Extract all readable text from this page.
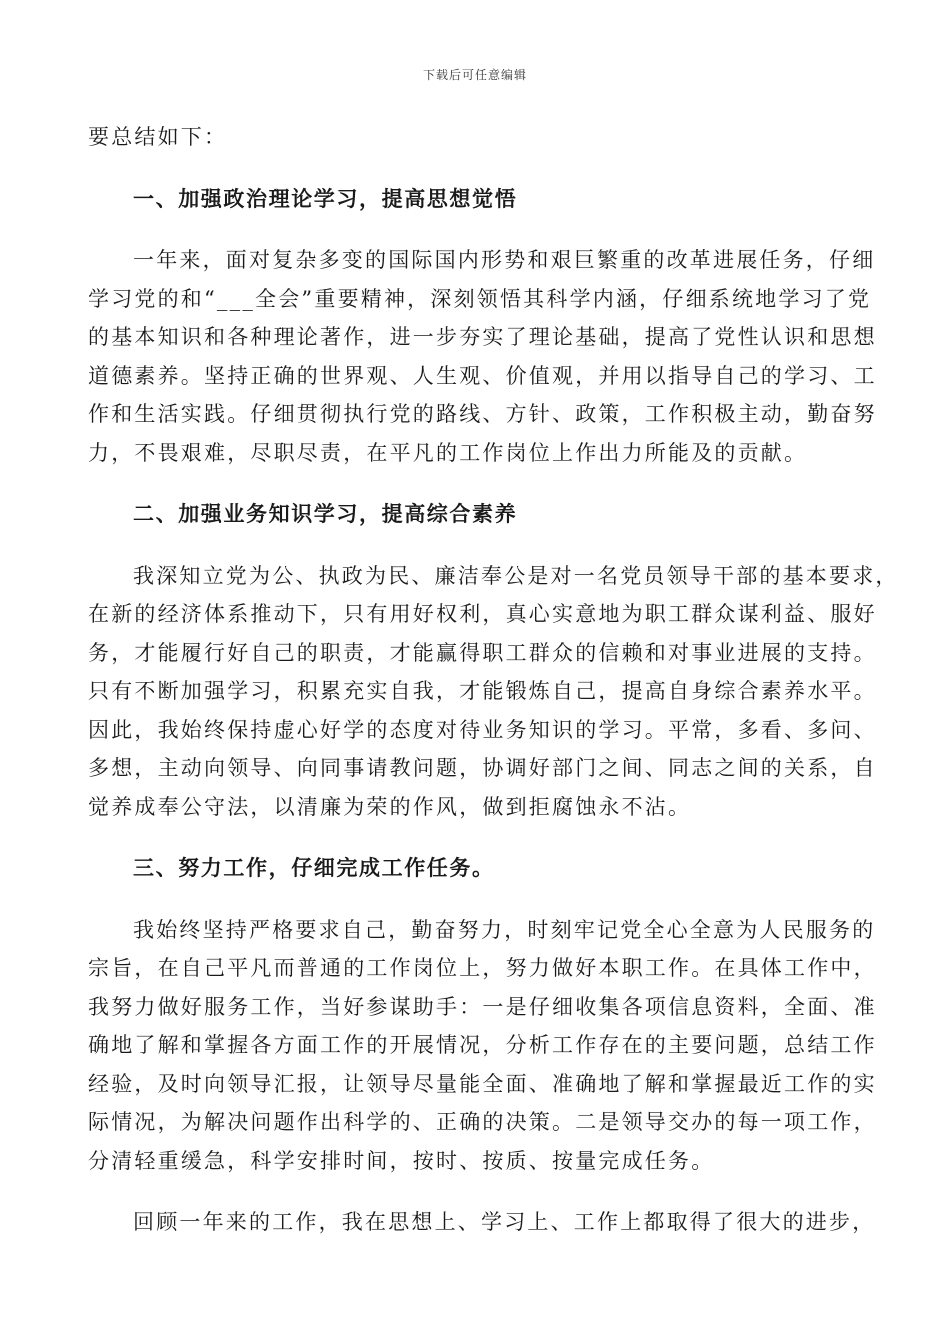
下载后可任意编辑
要总结如下：
一、加强政治理论学习，提高思想觉悟
一年来，面对复杂多变的国际国内形势和艰巨繁重的改革进展任务，仔细
学习党的和“___全会”重要精神，深刻领悟其科学内涵，仔细系统地学习了党
的基本知识和各种理论著作，进一步夯实了理论基础，提高了党性认识和思想
道德素养。坚持正确的世界观、人生观、价值观，并用以指导自己的学习、工
作和生活实践。仔细贯彻执行党的路线、方针、政策，工作积极主动，勤奋努
力，不畏艰难，尽职尽责，在平凡的工作岗位上作出力所能及的贡献。
二、加强业务知识学习，提高综合素养
我深知立党为公、执政为民、廉洁奉公是对一名党员领导干部的基本要求，
在新的经济体系推动下，只有用好权利，真心实意地为职工群众谋利益、服好
务，才能履行好自己的职责，才能赢得职工群众的信赖和对事业进展的支持。
只有不断加强学习，积累充实自我，才能锻炼自己，提高自身综合素养水平。
因此，我始终保持虚心好学的态度对待业务知识的学习。平常，多看、多问、
多想，主动向领导、向同事请教问题，协调好部门之间、同志之间的关系，自
觉养成奉公守法，以清廉为荣的作风，做到拒腐蚀永不沾。
三、努力工作，仔细完成工作任务。
我始终坚持严格要求自己，勤奋努力，时刻牢记党全心全意为人民服务的
宗旨，在自己平凡而普通的工作岗位上，努力做好本职工作。在具体工作中，
我努力做好服务工作，当好参谋助手：一是仔细收集各项信息资料，全面、准
确地了解和掌握各方面工作的开展情况，分析工作存在的主要问题，总结工作
经验，及时向领导汇报，让领导尽量能全面、准确地了解和掌握最近工作的实
际情况，为解决问题作出科学的、正确的决策。二是领导交办的每一项工作，
分清轻重缓急，科学安排时间，按时、按质、按量完成任务。
回顾一年来的工作，我在思想上、学习上、工作上都取得了很大的进步，
